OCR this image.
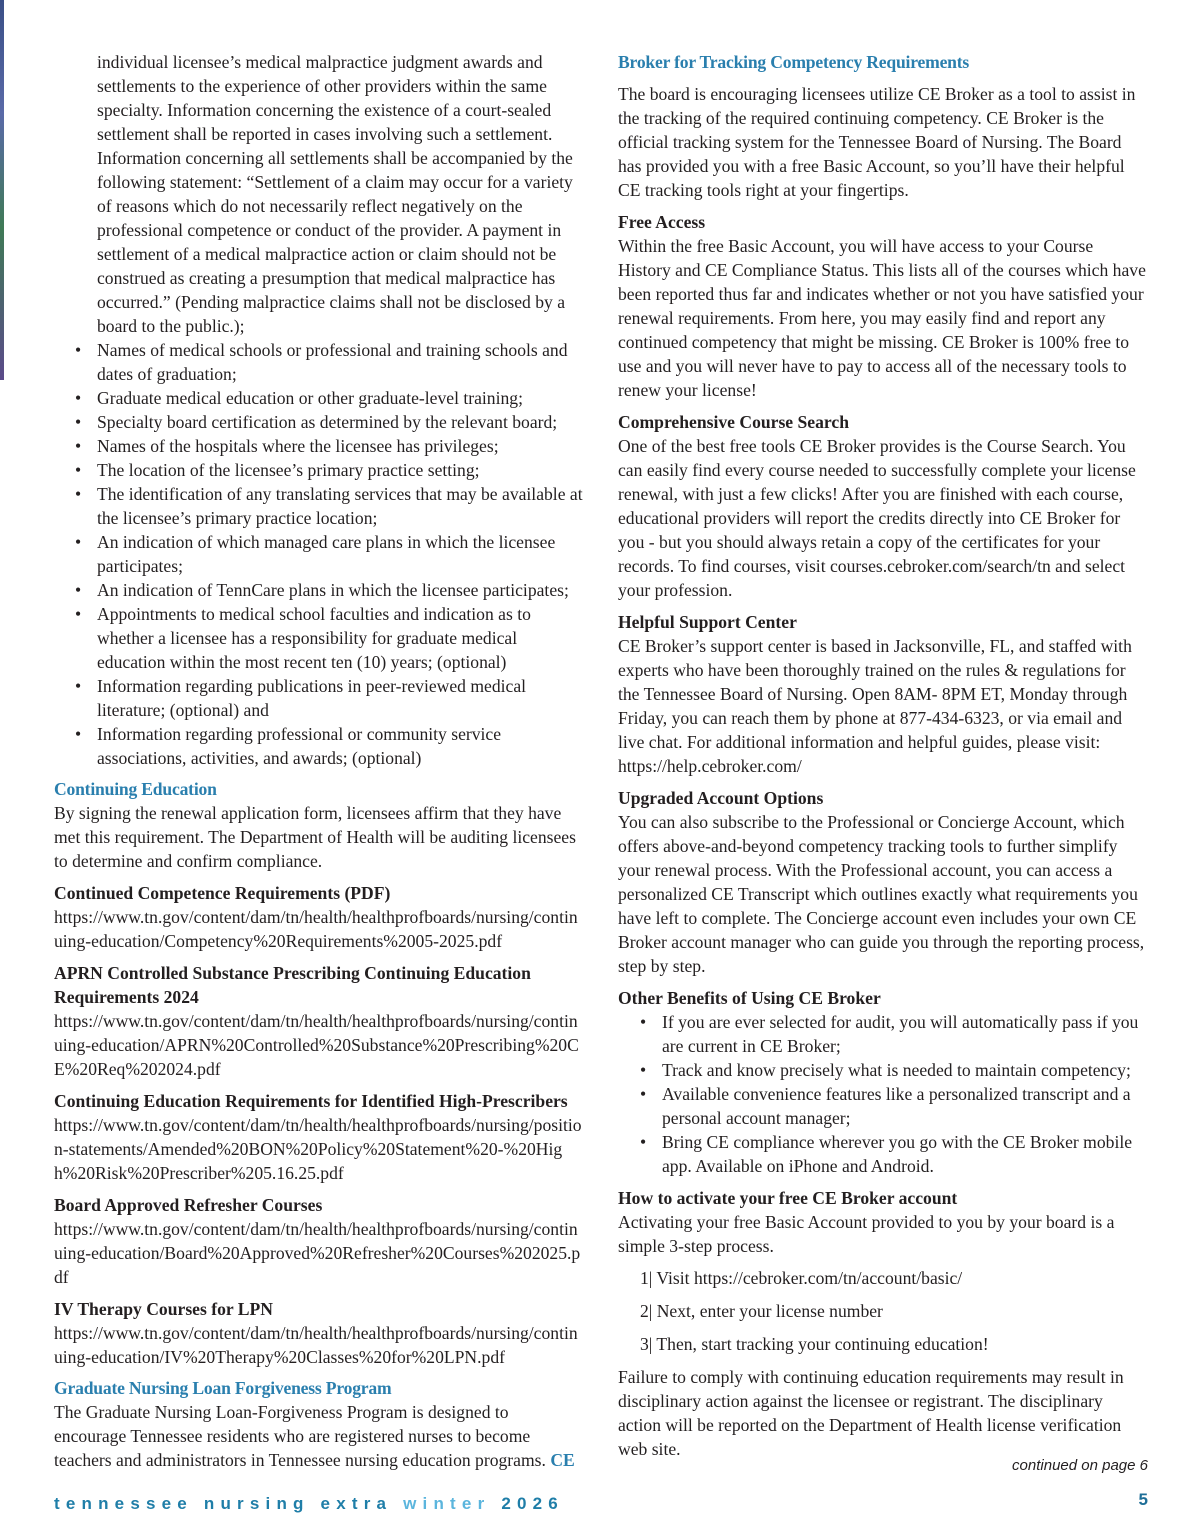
individual licensee’s medical malpractice judgment awards and settlements to the experience of other providers within the same specialty. Information concerning the existence of a court-sealed settlement shall be reported in cases involving such a settlement. Information concerning all settlements shall be accompanied by the following statement: “Settlement of a claim may occur for a variety of reasons which do not necessarily reflect negatively on the professional competence or conduct of the provider. A payment in settlement of a medical malpractice action or claim should not be construed as creating a presumption that medical malpractice has occurred.” (Pending malpractice claims shall not be disclosed by a board to the public.);

• Names of medical schools or professional and training schools and dates of graduation;
• Graduate medical education or other graduate-level training;
• Specialty board certification as determined by the relevant board;
• Names of the hospitals where the licensee has privileges;
• The location of the licensee’s primary practice setting;
• The identification of any translating services that may be available at the licensee’s primary practice location;
• An indication of which managed care plans in which the licensee participates;
• An indication of TennCare plans in which the licensee participates;
• Appointments to medical school faculties and indication as to whether a licensee has a responsibility for graduate medical education within the most recent ten (10) years; (optional)
• Information regarding publications in peer-reviewed medical literature; (optional) and
• Information regarding professional or community service associations, activities, and awards; (optional)

Continuing Education

By signing the renewal application form, licensees affirm that they have met this requirement. The Department of Health will be auditing licensees to determine and confirm compliance.

Continued Competence Requirements (PDF)

https://www.tn.gov/content/dam/tn/health/healthprofboards/nursing/continuing-education/Competency%20Requirements%2005-2025.pdf

APRN Controlled Substance Prescribing Continuing Education Requirements 2024

https://www.tn.gov/content/dam/tn/health/healthprofboards/nursing/continuing-education/APRN%20Controlled%20Substance%20Prescribing%20CE%20Req%202024.pdf

Continuing Education Requirements for Identified High-Prescribers

https://www.tn.gov/content/dam/tn/health/healthprofboards/nursing/position-statements/Amended%20BON%20Policy%20Statement%20-%20High%20Risk%20Prescriber%205.16.25.pdf

Board Approved Refresher Courses

https://www.tn.gov/content/dam/tn/health/healthprofboards/nursing/continuing-education/Board%20Approved%20Refresher%20Courses%202025.pdf

IV Therapy Courses for LPN

https://www.tn.gov/content/dam/tn/health/healthprofboards/nursing/continuing-education/IV%20Therapy%20Classes%20for%20LPN.pdf

Graduate Nursing Loan Forgiveness Program

The Graduate Nursing Loan-Forgiveness Program is designed to encourage Tennessee residents who are registered nurses to become teachers and administrators in Tennessee nursing education programs. CE

Broker for Tracking Competency Requirements

The board is encouraging licensees utilize CE Broker as a tool to assist in the tracking of the required continuing competency. CE Broker is the official tracking system for the Tennessee Board of Nursing. The Board has provided you with a free Basic Account, so you’ll have their helpful CE tracking tools right at your fingertips.

Free Access

Within the free Basic Account, you will have access to your Course History and CE Compliance Status. This lists all of the courses which have been reported thus far and indicates whether or not you have satisfied your renewal requirements. From here, you may easily find and report any continued competency that might be missing. CE Broker is 100% free to use and you will never have to pay to access all of the necessary tools to renew your license!

Comprehensive Course Search

One of the best free tools CE Broker provides is the Course Search. You can easily find every course needed to successfully complete your license renewal, with just a few clicks! After you are finished with each course, educational providers will report the credits directly into CE Broker for you - but you should always retain a copy of the certificates for your records. To find courses, visit courses.cebroker.com/search/tn and select your profession.

Helpful Support Center

CE Broker’s support center is based in Jacksonville, FL, and staffed with experts who have been thoroughly trained on the rules & regulations for the Tennessee Board of Nursing. Open 8AM- 8PM ET, Monday through Friday, you can reach them by phone at 877-434-6323, or via email and live chat. For additional information and helpful guides, please visit: https://help.cebroker.com/

Upgraded Account Options

You can also subscribe to the Professional or Concierge Account, which offers above-and-beyond competency tracking tools to further simplify your renewal process. With the Professional account, you can access a personalized CE Transcript which outlines exactly what requirements you have left to complete. The Concierge account even includes your own CE Broker account manager who can guide you through the reporting process, step by step.

Other Benefits of Using CE Broker

• If you are ever selected for audit, you will automatically pass if you are current in CE Broker;
• Track and know precisely what is needed to maintain competency;
• Available convenience features like a personalized transcript and a personal account manager;
• Bring CE compliance wherever you go with the CE Broker mobile app. Available on iPhone and Android.

How to activate your free CE Broker account

Activating your free Basic Account provided to you by your board is a simple 3-step process.

1| Visit https://cebroker.com/tn/account/basic/
2| Next, enter your license number
3| Then, start tracking your continuing education!

Failure to comply with continuing education requirements may result in disciplinary action against the licensee or registrant. The disciplinary action will be reported on the Department of Health license verification web site.

continued on page 6
tennessee nursing extra winter 2026	5
